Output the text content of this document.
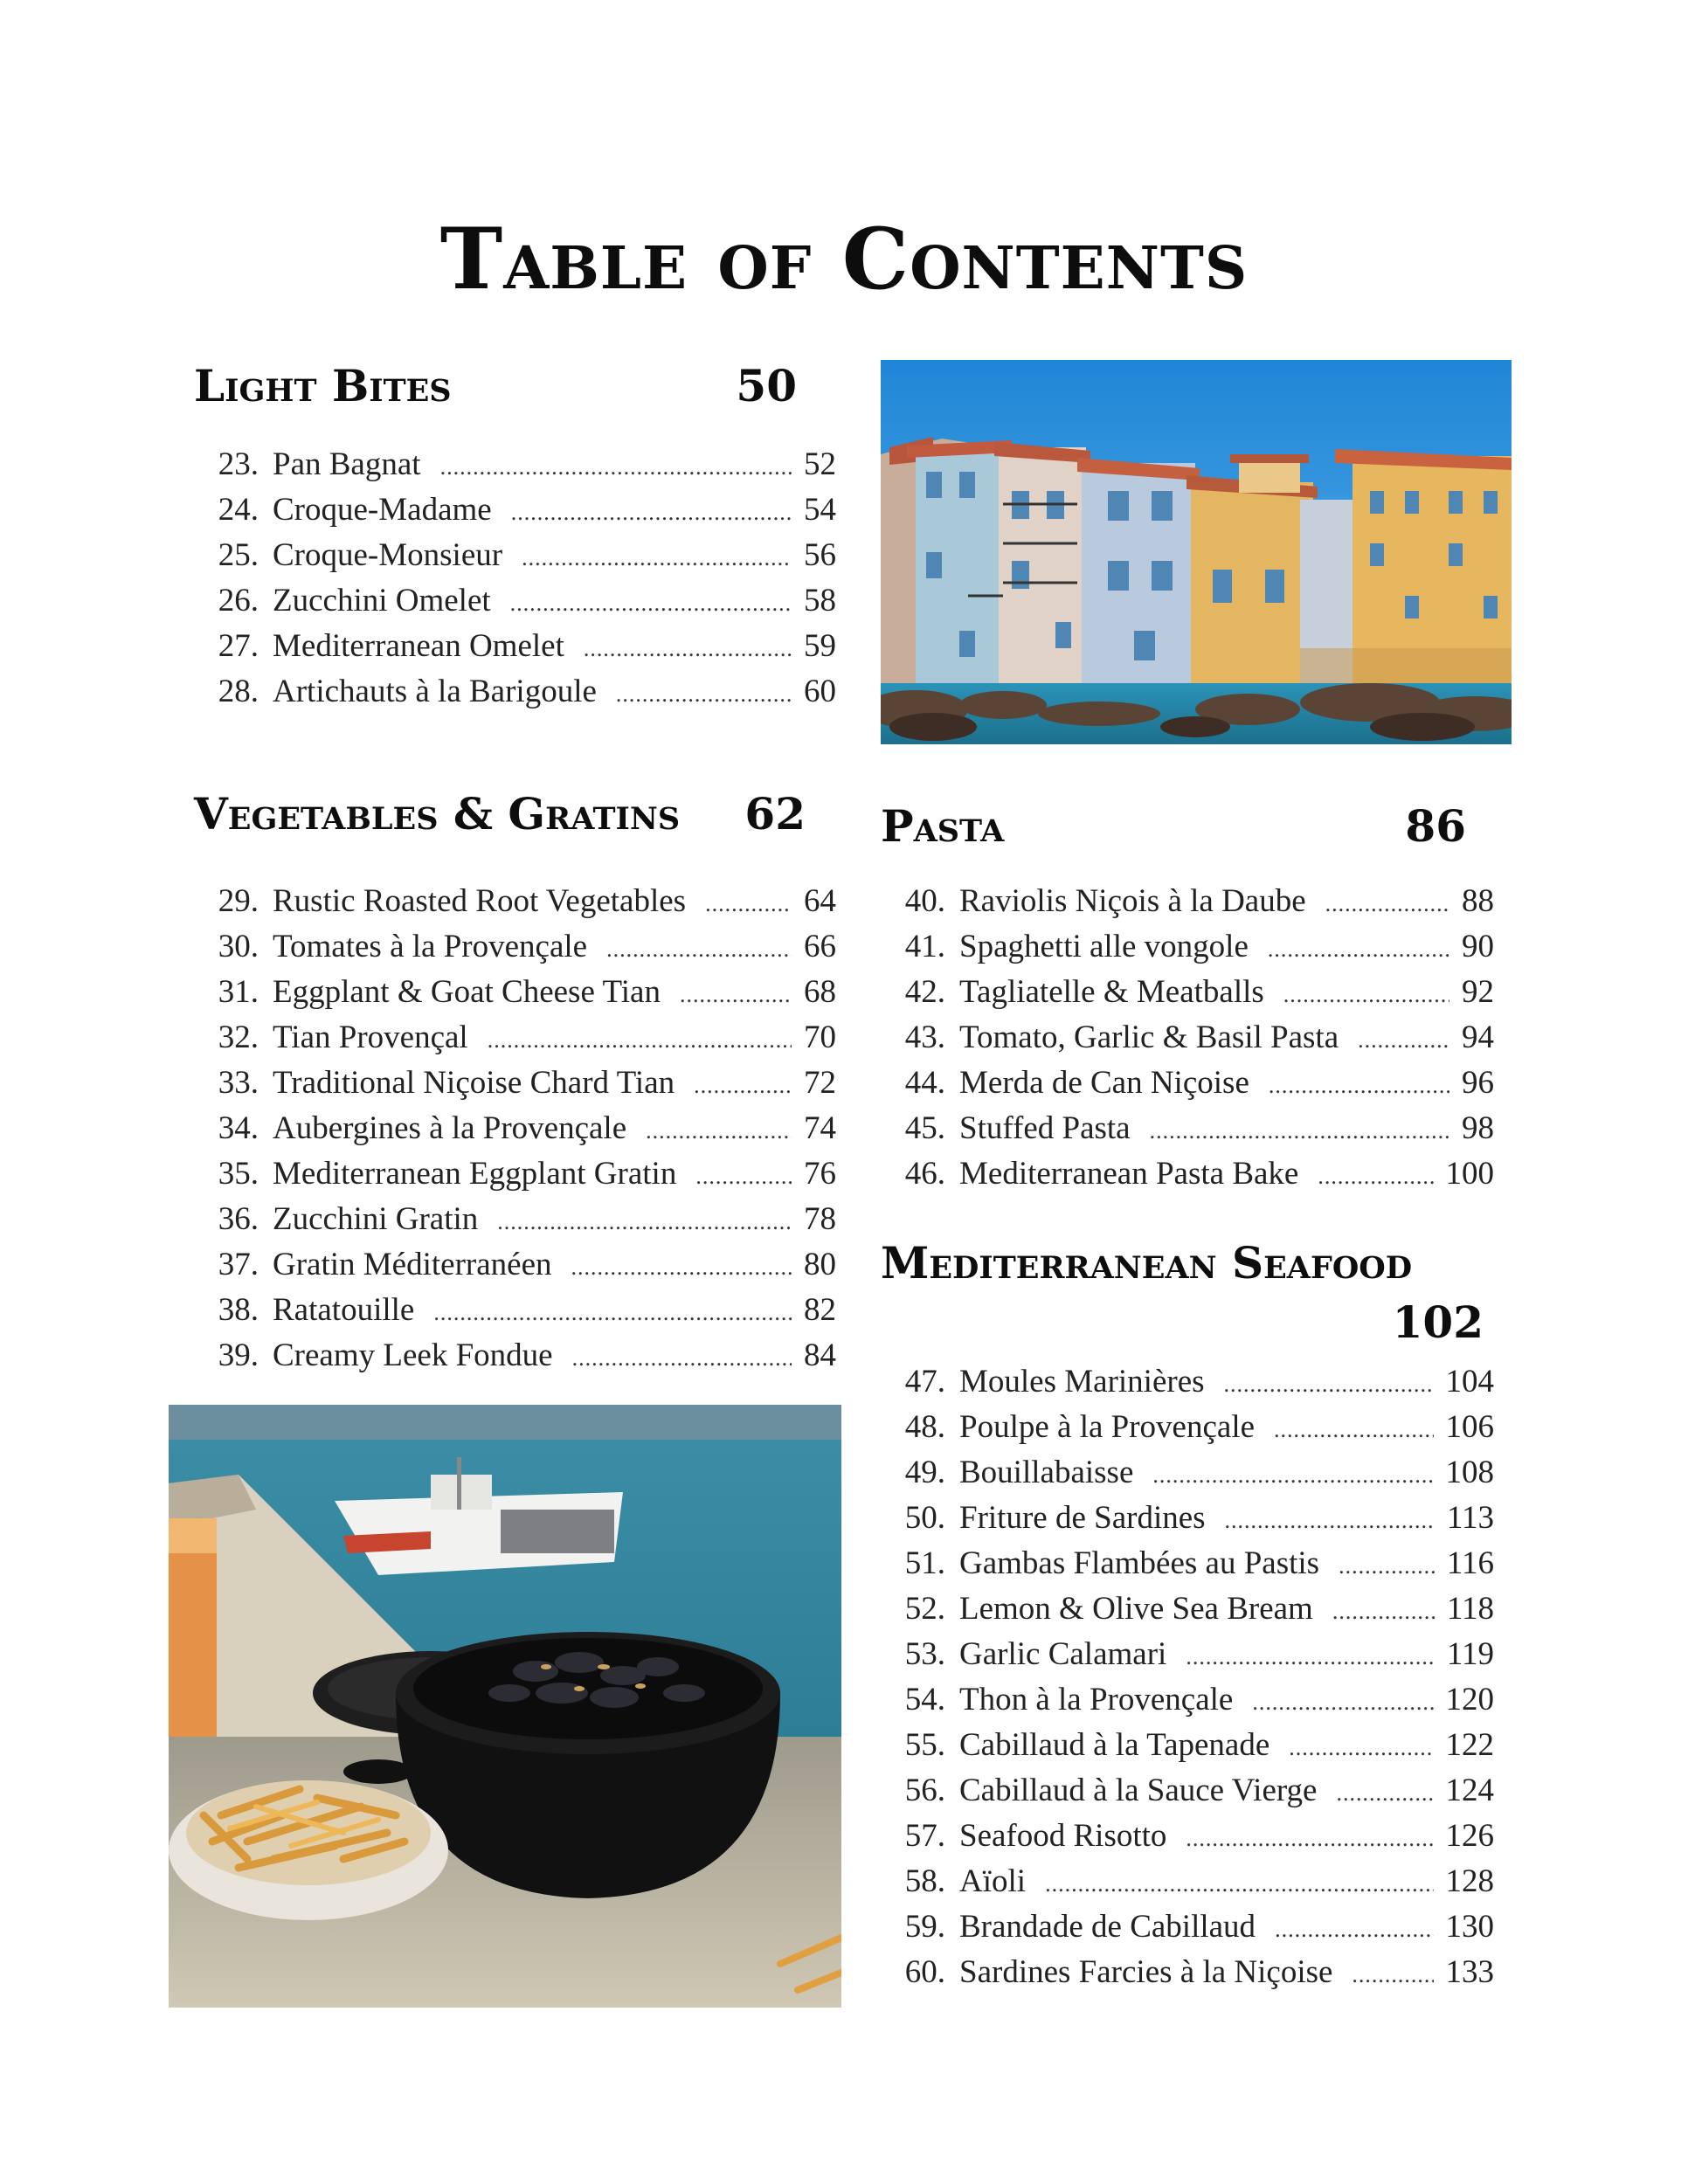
Table of Contents
Light Bites	50
23. Pan Bagnat .....	52
24. Croque-Madame .....	54
25. Croque-Monsieur .....	56
26. Zucchini Omelet .....	58
27. Mediterranean Omelet .....	59
28. Artichauts à la Barigoule .....	60
Vegetables & Gratins 62
29. Rustic Roasted Root Vegetables .....	64
30. Tomates à la Provençale .....	66
31. Eggplant & Goat Cheese Tian .....	68
32. Tian Provençal .....	70
33. Traditional Niçoise Chard Tian .....	72
34. Aubergines à la Provençale .....	74
35. Mediterranean Eggplant Gratin .....	76
36. Zucchini Gratin .....	78
37. Gratin Méditerranéen .....	80
38. Ratatouille .....	82
39. Creamy Leek Fondue .....	84
Pasta	86
40. Raviolis Niçois à la Daube .....	88
41. Spaghetti alle vongole .....	90
42. Tagliatelle & Meatballs .....	92
43. Tomato, Garlic & Basil Pasta .....	94
44. Merda de Can Niçoise .....	96
45. Stuffed Pasta .....	98
46. Mediterranean Pasta Bake .....	100
Mediterranean Seafood
102
47. Moules Marinières .....	104
48. Poulpe à la Provençale .....	106
49. Bouillabaisse .....	108
50. Friture de Sardines .....	113
51. Gambas Flambées au Pastis .....	116
52. Lemon & Olive Sea Bream .....	118
53. Garlic Calamari .....	119
54. Thon à la Provençale .....	120
55. Cabillaud à la Tapenade .....	122
56. Cabillaud à la Sauce Vierge .....	124
57. Seafood Risotto .....	126
58. Aïoli .....	128
59. Brandade de Cabillaud .....	130
60. Sardines Farcies à la Niçoise .....	133
